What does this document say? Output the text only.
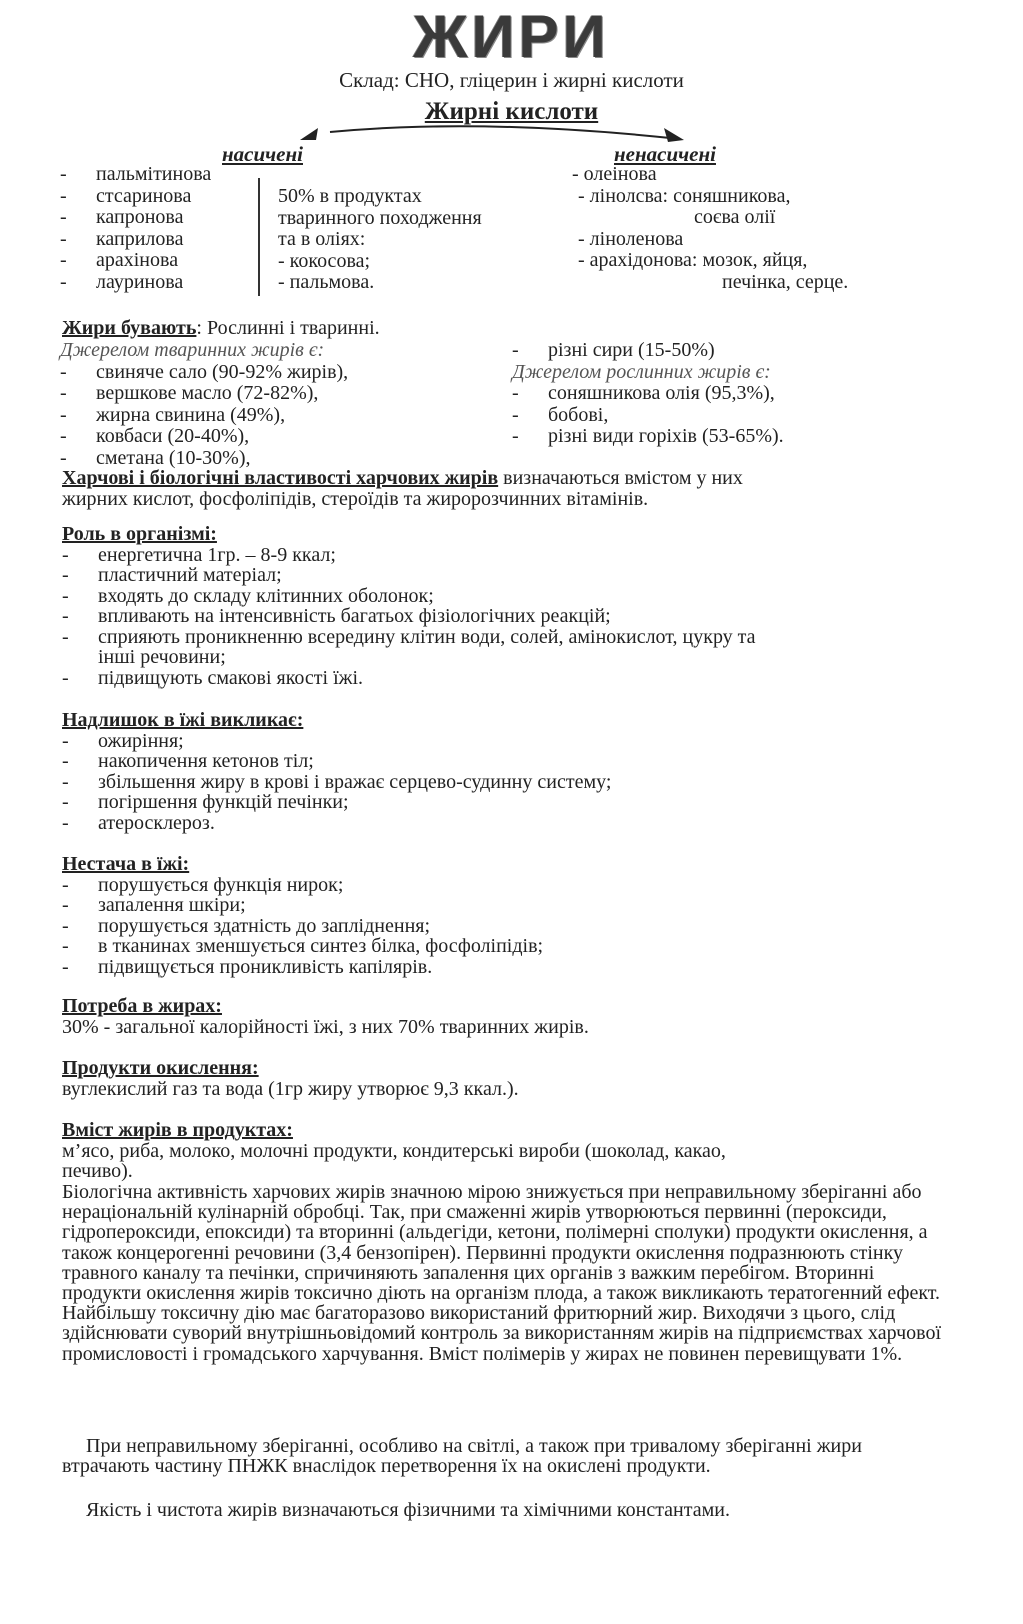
ЖИРИ
Склад: СНО, гліцерин і жирні кислоти
Жирні кислоти
насичені	ненасичені
- пальмітинова
- стсаринова
- капронова
- каприлова
- арахінова
- лауринова
50% в продуктах
тваринного походження
та в оліях:
- кокосова;
- пальмова.
- олеінова
- лінолсва: соняшникова,
соєва олії
- ліноленова
- арахідонова: мозок, яйця,
печінка, серце.
Жири бувають: Рослинні і тваринні.
Джерелом тваринних жирів є:
- свиняче сало (90-92% жирів),
- вершкове масло (72-82%),
- жирна свинина (49%),
- ковбаси (20-40%),
- сметана (10-30%),
- різні сири (15-50%)
Джерелом рослинних жирів є:
- соняшникова олія (95,3%),
- бобові,
- різні види горіхів (53-65%).
Харчові і біологічні властивості харчових жирів визначаються вмістом у них
жирних кислот, фосфоліпідів, стероїдів та жиророзчинних вітамінів.
Роль в організмі:
- енергетична 1гр. – 8-9 ккал;
- пластичний матеріал;
- входять до складу клітинних оболонок;
- впливають на інтенсивність багатьох фізіологічних реакцій;
- сприяють проникненню всередину клітин води, солей, амінокислот, цукру та
інші речовини;
- підвищують смакові якості їжі.
Надлишок в їжі викликає:
- ожиріння;
- накопичення кетонов тіл;
- збільшення жиру в крові і вражає серцево-судинну систему;
- погіршення функцій печінки;
- атеросклероз.
Нестача в їжі:
- порушується функція нирок;
- запалення шкіри;
- порушується здатність до запліднення;
- в тканинах зменшується синтез білка, фосфоліпідів;
- підвищується проникливість капілярів.
Потреба в жирах:
30% - загальної калорійності їжі, з них 70% тваринних жирів.
Продукти окислення:
вуглекислий газ та вода (1гр жиру утворює 9,3 ккал.).
Вміст жирів в продуктах:
м’ясо, риба, молоко, молочні продукти, кондитерські вироби (шоколад, какао,
печиво).
Біологічна активність харчових жирів значною мірою знижується при неправильному зберіганні або нераціональній кулінарній обробці. Так, при смаженні жирів утворюються первинні (пероксиди, гідропероксиди, епоксиди) та вторинні (альдегіди, кетони, полімерні сполуки) продукти окислення, а також концерогенні речовини (3,4 бензопірен). Первинні продукти окислення подразнюють стінку травного каналу та печінки, спричиняють запалення цих органів з важким перебігом. Вторинні продукти окислення жирів токсично діють на організм плода, а також викликають тератогенний ефект. Найбільшу токсичну дію має багаторазово використаний фритюрний жир. Виходячи з цього, слід здійснювати суворий внутрішньовідомий контроль за використанням жирів на підприємствах харчової промисловості і громадського харчування. Вміст полімерів у жирах не повинен перевищувати 1%.
При неправильному зберіганні, особливо на світлі, а також при тривалому зберіганні жири втрачають частину ПНЖК внаслідок перетворення їх на окислені продукти.
Якість і чистота жирів визначаються фізичними та хімічними константами.
